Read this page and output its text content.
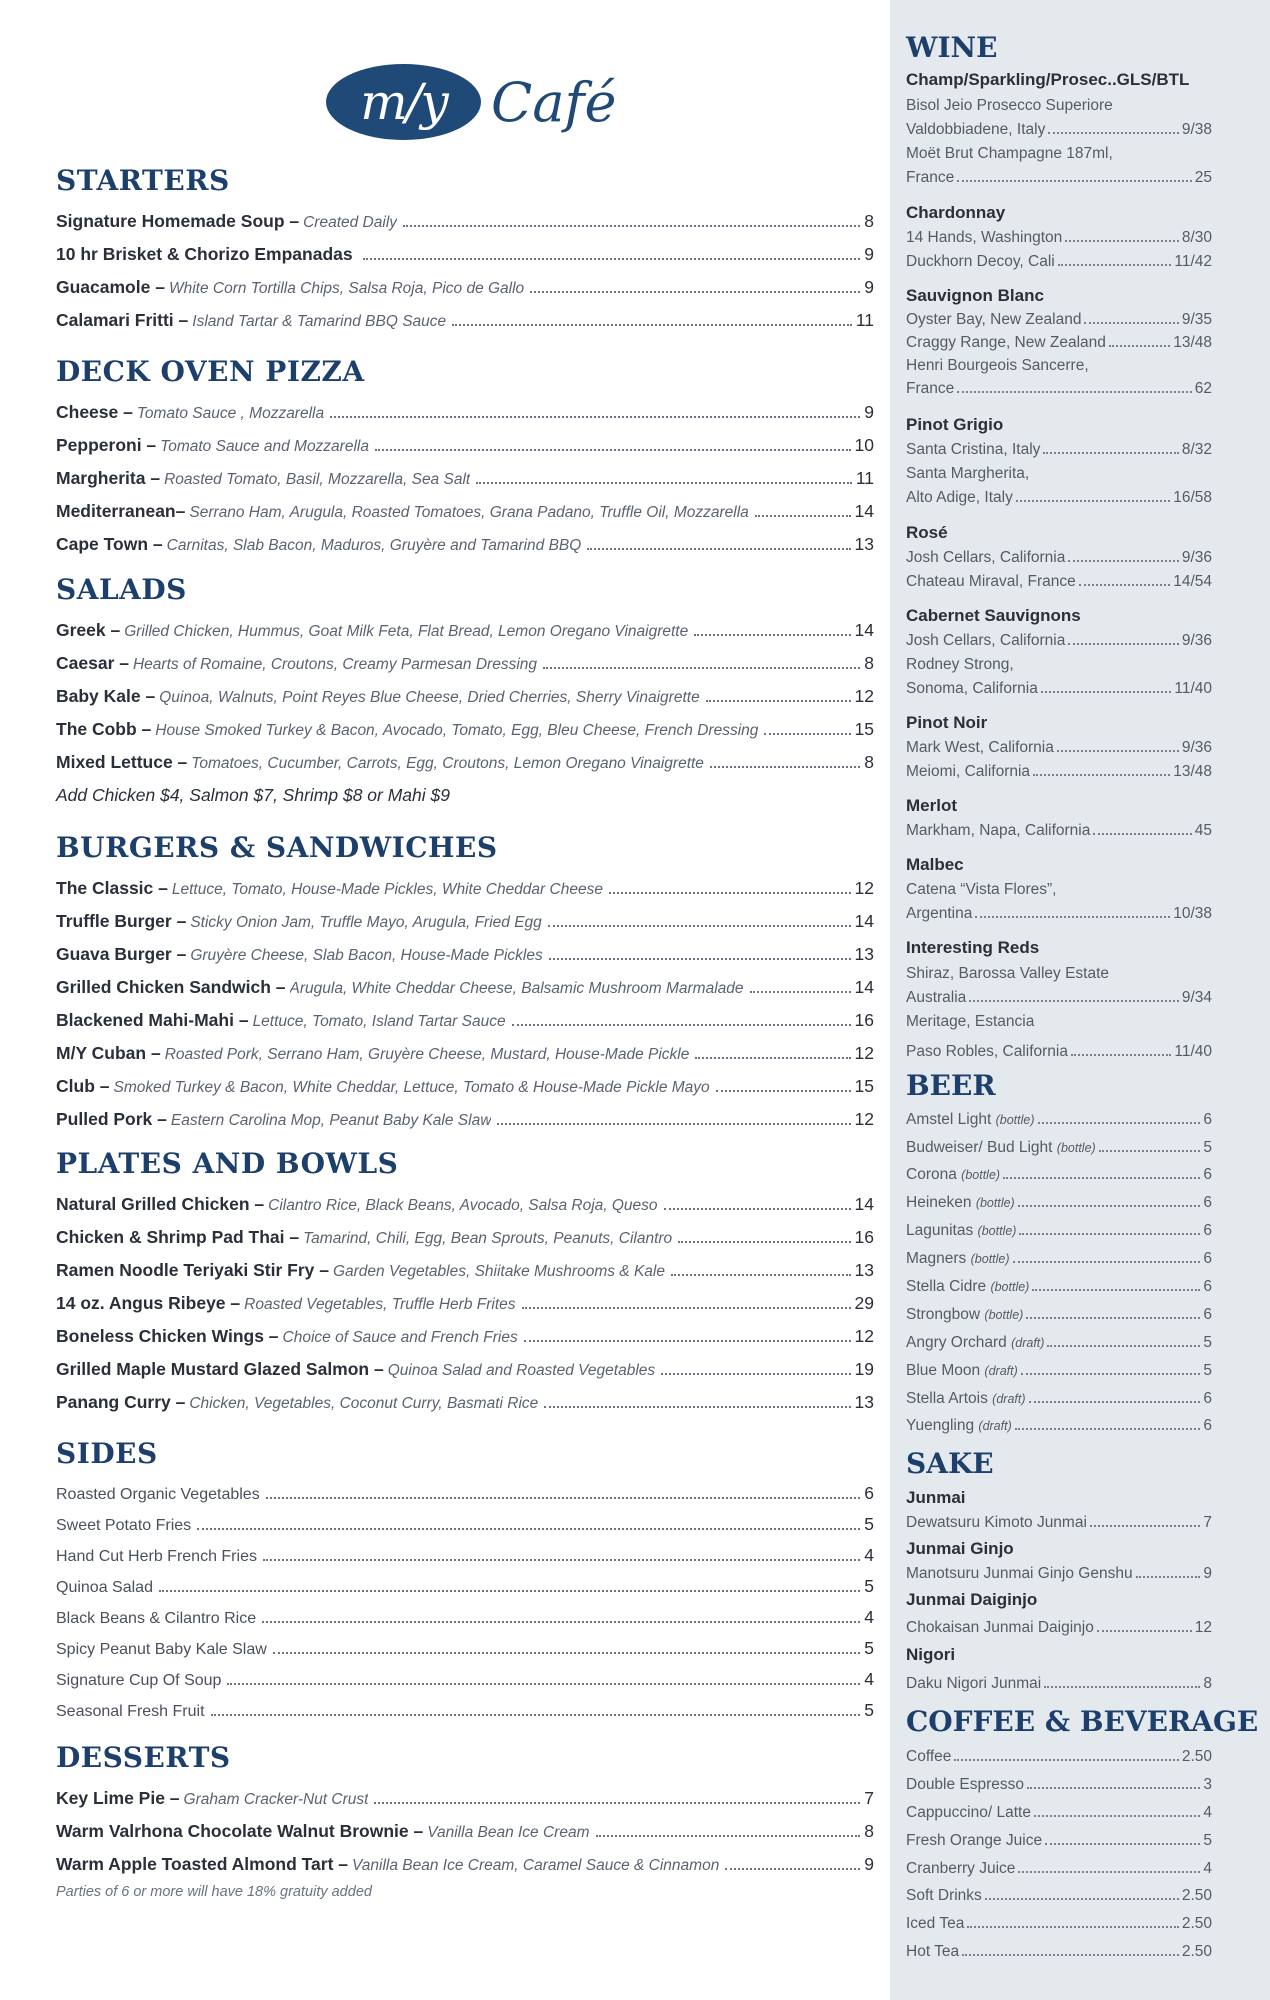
m/y Café
STARTERS
Signature Homemade Soup – Created Daily	8
10 hr Brisket & Chorizo Empanadas	9
Guacamole – White Corn Tortilla Chips, Salsa Roja, Pico de Gallo	9
Calamari Fritti – Island Tartar & Tamarind BBQ Sauce	11
DECK OVEN PIZZA
Cheese – Tomato Sauce , Mozzarella	9
Pepperoni – Tomato Sauce and Mozzarella	10
Margherita – Roasted Tomato, Basil, Mozzarella, Sea Salt	11
Mediterranean– Serrano Ham, Arugula, Roasted Tomatoes, Grana Padano, Truffle Oil, Mozzarella	14
Cape Town – Carnitas, Slab Bacon, Maduros, Gruyère and Tamarind BBQ	13
SALADS
Greek – Grilled Chicken, Hummus, Goat Milk Feta, Flat Bread, Lemon Oregano Vinaigrette	14
Caesar – Hearts of Romaine, Croutons, Creamy Parmesan Dressing	8
Baby Kale – Quinoa, Walnuts, Point Reyes Blue Cheese, Dried Cherries, Sherry Vinaigrette	12
The Cobb – House Smoked Turkey & Bacon, Avocado, Tomato, Egg, Bleu Cheese, French Dressing	15
Mixed Lettuce – Tomatoes, Cucumber, Carrots, Egg, Croutons, Lemon Oregano Vinaigrette	8
Add Chicken $4, Salmon $7, Shrimp $8 or Mahi $9
BURGERS & SANDWICHES
The Classic – Lettuce, Tomato, House-Made Pickles, White Cheddar Cheese	12
Truffle Burger – Sticky Onion Jam, Truffle Mayo, Arugula, Fried Egg	14
Guava Burger – Gruyère Cheese, Slab Bacon, House-Made Pickles	13
Grilled Chicken Sandwich – Arugula, White Cheddar Cheese, Balsamic Mushroom Marmalade	14
Blackened Mahi-Mahi – Lettuce, Tomato, Island Tartar Sauce	16
M/Y Cuban – Roasted Pork, Serrano Ham, Gruyère Cheese, Mustard, House-Made Pickle	12
Club – Smoked Turkey & Bacon, White Cheddar, Lettuce, Tomato & House-Made Pickle Mayo	15
Pulled Pork – Eastern Carolina Mop, Peanut Baby Kale Slaw	12
PLATES AND BOWLS
Natural Grilled Chicken – Cilantro Rice, Black Beans, Avocado, Salsa Roja, Queso	14
Chicken & Shrimp Pad Thai – Tamarind, Chili, Egg, Bean Sprouts, Peanuts, Cilantro	16
Ramen Noodle Teriyaki Stir Fry – Garden Vegetables, Shiitake Mushrooms & Kale	13
14 oz. Angus Ribeye – Roasted Vegetables, Truffle Herb Frites	29
Boneless Chicken Wings – Choice of Sauce and French Fries	12
Grilled Maple Mustard Glazed Salmon – Quinoa Salad and Roasted Vegetables	19
Panang Curry – Chicken, Vegetables, Coconut Curry, Basmati Rice	13
SIDES
Roasted Organic Vegetables	6
Sweet Potato Fries	5
Hand Cut Herb French Fries	4
Quinoa Salad	5
Black Beans & Cilantro Rice	4
Spicy Peanut Baby Kale Slaw	5
Signature Cup Of Soup	4
Seasonal Fresh Fruit	5
DESSERTS
Key Lime Pie – Graham Cracker-Nut Crust	7
Warm Valrhona Chocolate Walnut Brownie – Vanilla Bean Ice Cream	8
Warm Apple Toasted Almond Tart – Vanilla Bean Ice Cream, Caramel Sauce & Cinnamon	9
Parties of 6 or more will have 18% gratuity added
WINE
Champ/Sparkling/Prosec..GLS/BTL
Bisol Jeio Prosecco Superiore
Valdobbiadene, Italy	9/38
Moët Brut Champagne 187ml,
France	25
Chardonnay
14 Hands, Washington	8/30
Duckhorn Decoy, Cali	11/42
Sauvignon Blanc
Oyster Bay, New Zealand	9/35
Craggy Range, New Zealand	13/48
Henri Bourgeois Sancerre,
France	62
Pinot Grigio
Santa Cristina, Italy	8/32
Santa Margherita,
Alto Adige, Italy	16/58
Rosé
Josh Cellars, California	9/36
Chateau Miraval, France	14/54
Cabernet Sauvignons
Josh Cellars, California	9/36
Rodney Strong,
Sonoma, California	11/40
Pinot Noir
Mark West, California	9/36
Meiomi, California	13/48
Merlot
Markham, Napa, California	45
Malbec
Catena “Vista Flores”,
Argentina	10/38
Interesting Reds
Shiraz, Barossa Valley Estate
Australia	9/34
Meritage, Estancia
Paso Robles, California	11/40
BEER
Amstel Light (bottle)	6
Budweiser/ Bud Light (bottle)	5
Corona (bottle)	6
Heineken (bottle)	6
Lagunitas (bottle)	6
Magners (bottle)	6
Stella Cidre (bottle)	6
Strongbow (bottle)	6
Angry Orchard (draft)	5
Blue Moon (draft)	5
Stella Artois (draft)	6
Yuengling (draft)	6
SAKE
Junmai
Dewatsuru Kimoto Junmai	7
Junmai Ginjo
Manotsuru Junmai Ginjo Genshu	9
Junmai Daiginjo
Chokaisan Junmai Daiginjo	12
Nigori
Daku Nigori Junmai	8
COFFEE & BEVERAGE
Coffee	2.50
Double Espresso	3
Cappuccino/ Latte	4
Fresh Orange Juice	5
Cranberry Juice	4
Soft Drinks	2.50
Iced Tea	2.50
Hot Tea	2.50
